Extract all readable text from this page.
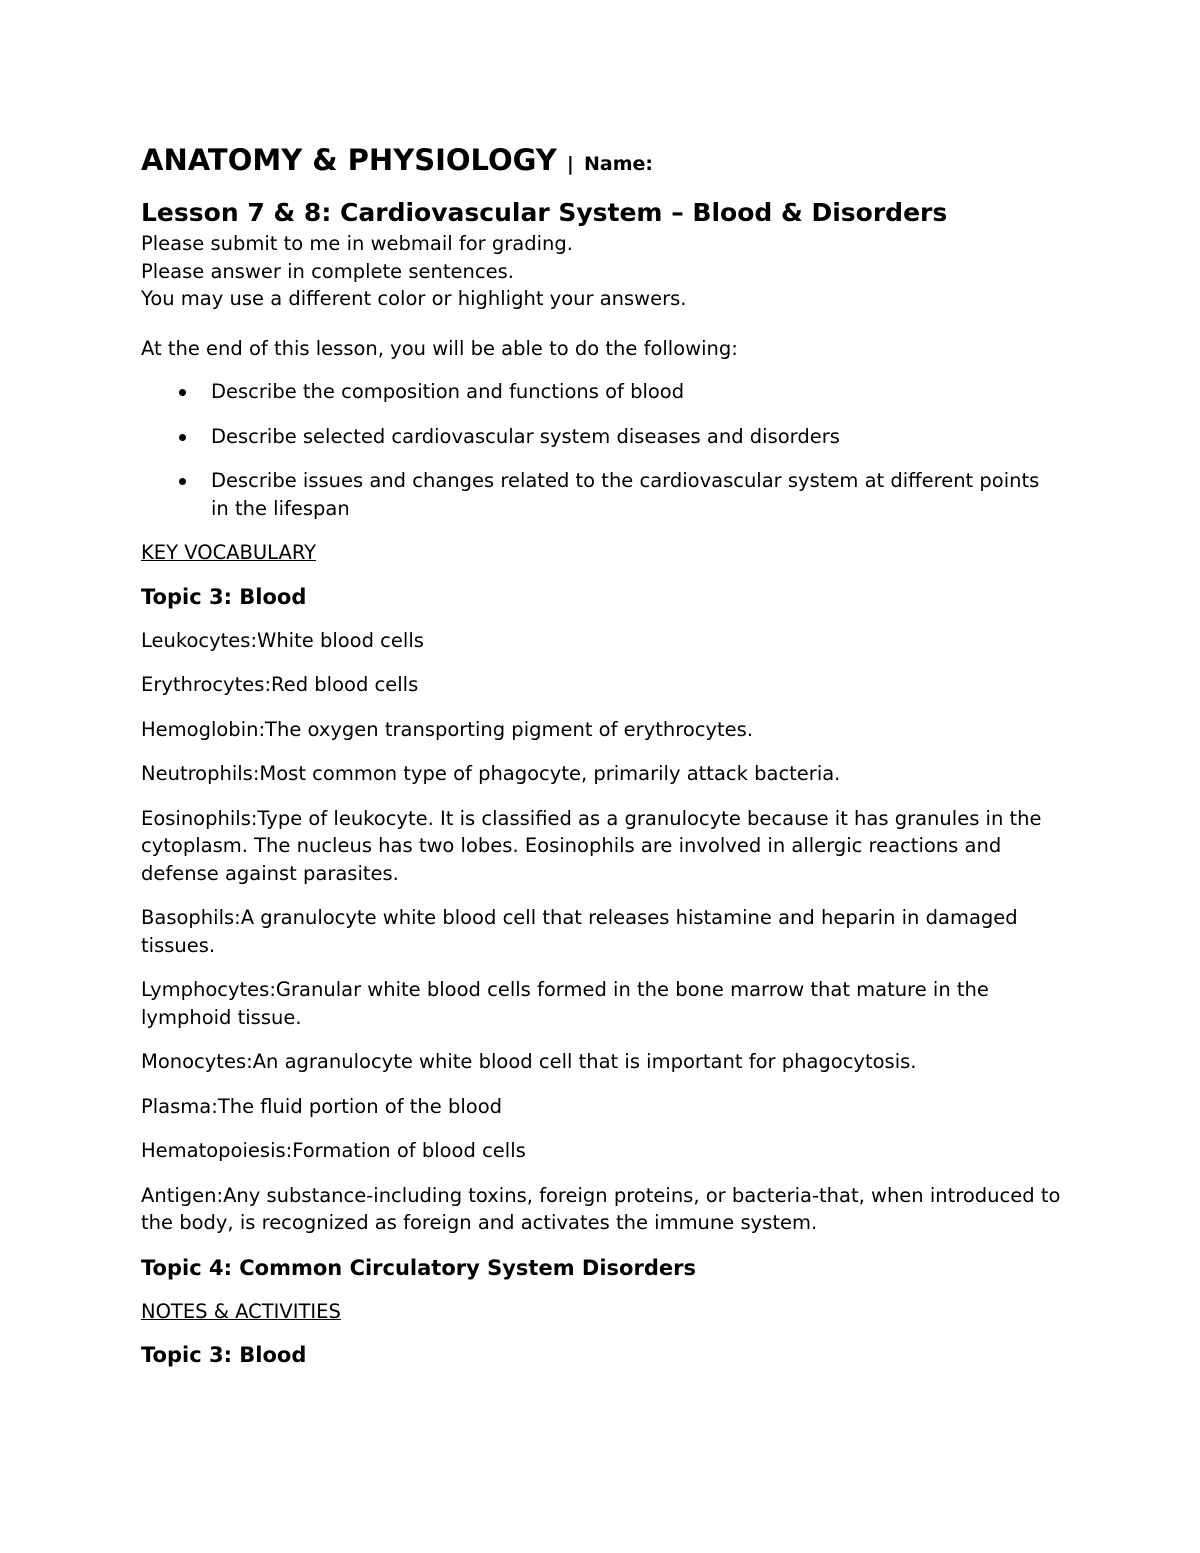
ANATOMY & PHYSIOLOGY | Name:
Lesson 7 & 8: Cardiovascular System – Blood & Disorders

Please submit to me in webmail for grading.

Please answer in complete sentences.

You may use a different color or highlight your answers.

At the end of this lesson, you will be able to do the following:

Describe the composition and functions of blood
Describe selected cardiovascular system diseases and disorders
Describe issues and changes related to the cardiovascular system at different points in the lifespan

KEY VOCABULARY

Topic 3: Blood

Leukocytes:White blood cells

Erythrocytes:Red blood cells

Hemoglobin:The oxygen transporting pigment of erythrocytes.

Neutrophils:Most common type of phagocyte, primarily attack bacteria.

Eosinophils:Type of leukocyte. It is classified as a granulocyte because it has granules in the cytoplasm. The nucleus has two lobes. Eosinophils are involved in allergic reactions and defense against parasites.

Basophils:A granulocyte white blood cell that releases histamine and heparin in damaged tissues.

Lymphocytes:Granular white blood cells formed in the bone marrow that mature in the lymphoid tissue.

Monocytes:An agranulocyte white blood cell that is important for phagocytosis.

Plasma:The fluid portion of the blood

Hematopoiesis:Formation of blood cells

Antigen:Any substance-including toxins, foreign proteins, or bacteria-that, when introduced to the body, is recognized as foreign and activates the immune system.

Topic 4: Common Circulatory System Disorders

NOTES & ACTIVITIES

Topic 3: Blood
